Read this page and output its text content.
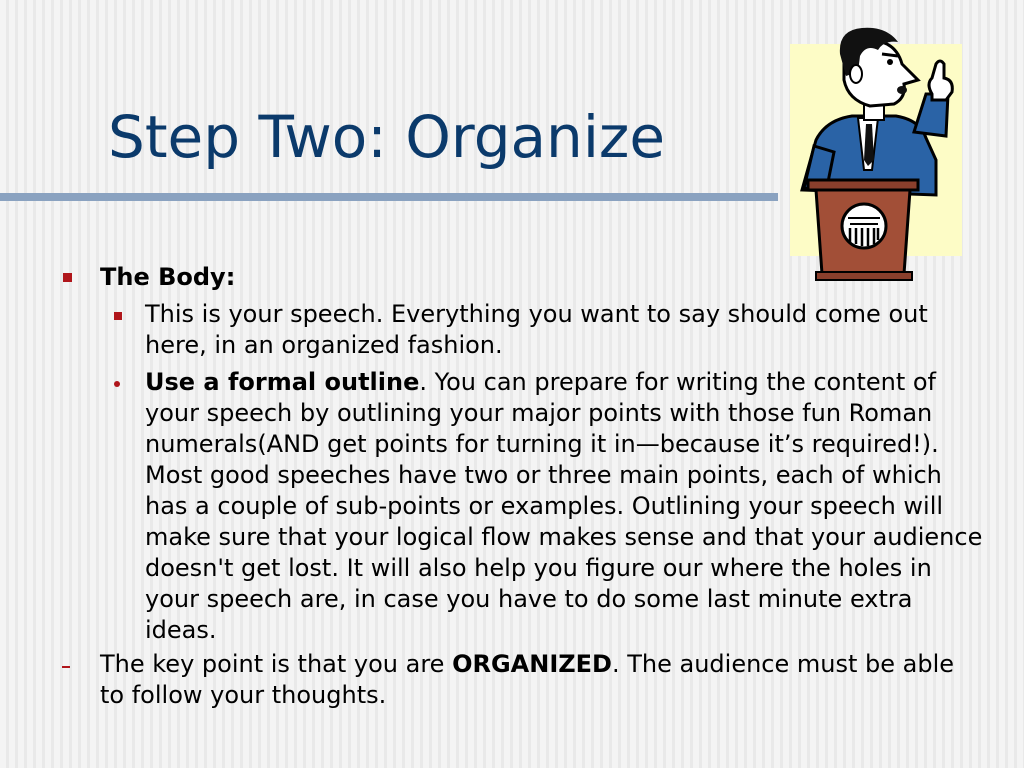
Step Two: Organize
The Body:
This is your speech. Everything you want to say should come out here, in an organized fashion.
Use a formal outline. You can prepare for writing the content of your speech by outlining your major points with those fun Roman numerals(AND get points for turning it in—because it’s required!). Most good speeches have two or three main points, each of which has a couple of sub-points or examples. Outlining your speech will make sure that your logical flow makes sense and that your audience doesn't get lost. It will also help you figure our where the holes in your speech are, in case you have to do some last minute extra ideas.
The key point is that you are ORGANIZED. The audience must be able to follow your thoughts.
